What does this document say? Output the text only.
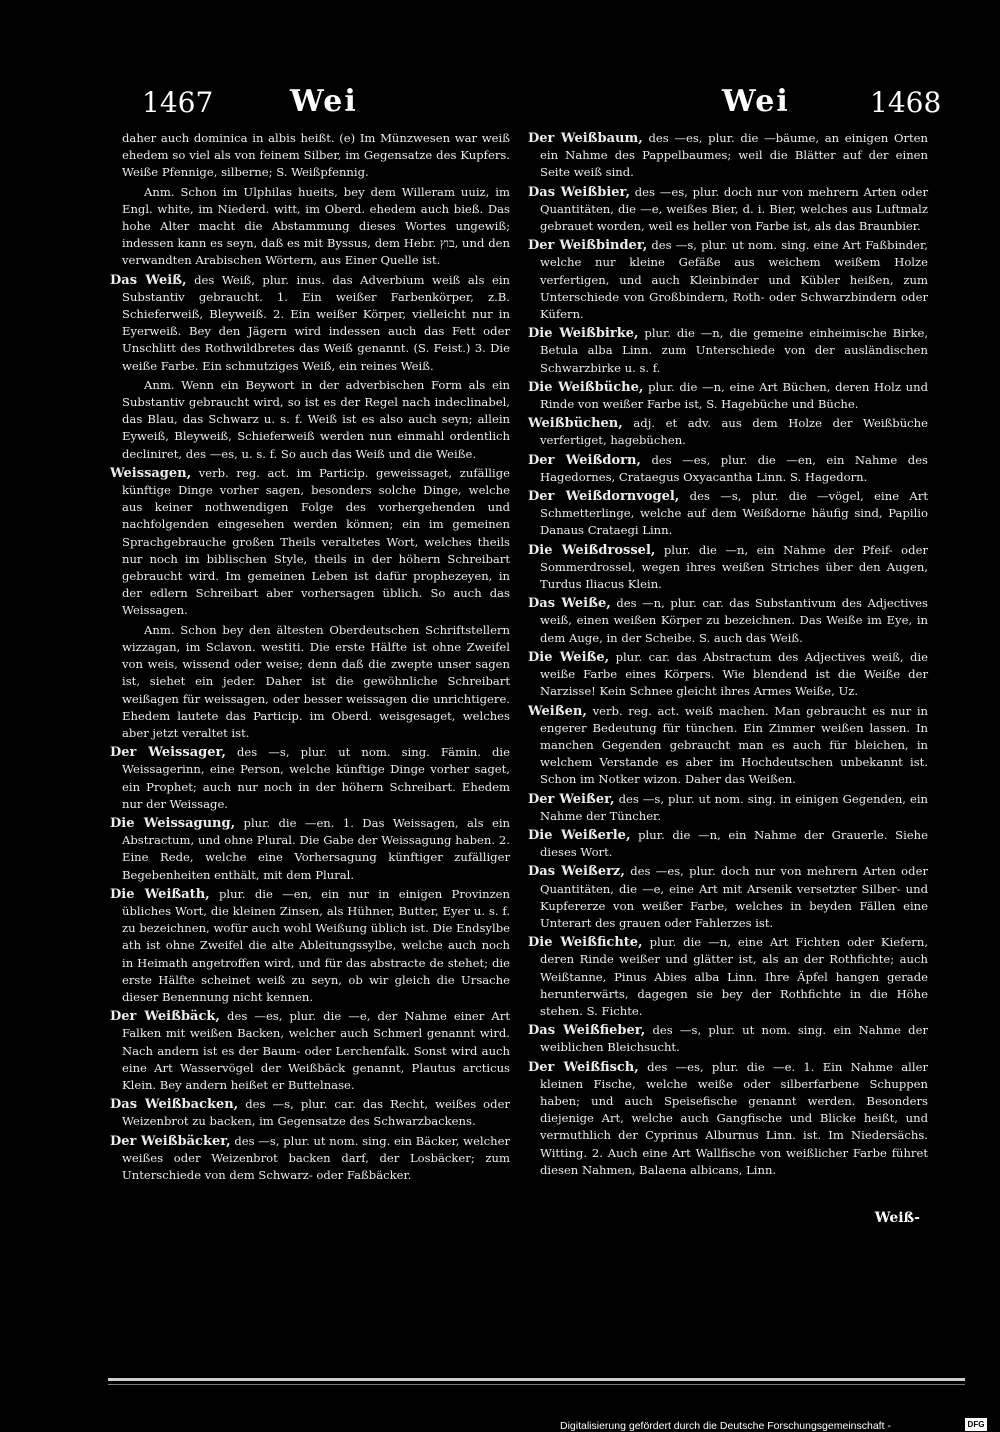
1467	Wei	Wei	1468

daher auch dominica in albis heißt. (e) Im Münzwesen war weiß ehedem so viel als von feinem Silber, im Gegensatze des Kupfers. Weiße Pfennige, silberne; S. Weißpfennig.

Anm. Schon im Ulphilas hueits, bey dem Willeram uuiz, im Engl. white, im Niederd. witt, im Oberd. ehedem auch bieß. Das hohe Alter macht die Abstammung dieses Wortes ungewiß; indessen kann es seyn, daß es mit Byssus, dem Hebr. בוץ, und den verwandten Arabischen Wörtern, aus Einer Quelle ist.

Das Weiß, des Weiß, plur. inus. das Adverbium weiß als ein Substantiv gebraucht. 1. Ein weißer Farbenkörper, z.B. Schieferweiß, Bleyweiß. 2. Ein weißer Körper, vielleicht nur in Eyerweiß. Bey den Jägern wird indessen auch das Fett oder Unschlitt des Rothwildbretes das Weiß genannt. (S. Feist.) 3. Die weiße Farbe. Ein schmutziges Weiß, ein reines Weiß.

Anm. Wenn ein Beywort in der adverbischen Form als ein Substantiv gebraucht wird, so ist es der Regel nach indeclinabel, das Blau, das Schwarz u. s. f. Weiß ist es also auch seyn; allein Eyweiß, Bleyweiß, Schieferweiß werden nun einmahl ordentlich decliniret, des —es, u. s. f. So auch das Weiß und die Weiße.

Weissagen, verb. reg. act. im Particip. geweissaget, zufällige künftige Dinge vorher sagen, besonders solche Dinge, welche aus keiner nothwendigen Folge des vorhergehenden und nachfolgenden eingesehen werden können; ein im gemeinen Sprachgebrauche großen Theils veraltetes Wort, welches theils nur noch im biblischen Style, theils in der höhern Schreibart gebraucht wird. Im gemeinen Leben ist dafür prophezeyen, in der edlern Schreibart aber vorhersagen üblich. So auch das Weissagen.

Anm. Schon bey den ältesten Oberdeutschen Schriftstellern wizzagan, im Sclavon. westiti. Die erste Hälfte ist ohne Zweifel von weis, wissend oder weise; denn daß die zwepte unser sagen ist, siehet ein jeder. Daher ist die gewöhnliche Schreibart weißagen für weissagen, oder besser weissagen die unrichtigere. Ehedem lautete das Particip. im Oberd. weisgesaget, welches aber jetzt veraltet ist.

Der Weissager, des —s, plur. ut nom. sing. Fämin. die Weissagerinn, eine Person, welche künftige Dinge vorher saget, ein Prophet; auch nur noch in der höhern Schreibart. Ehedem nur der Weissage.

Die Weissagung, plur. die —en. 1. Das Weissagen, als ein Abstractum, und ohne Plural. Die Gabe der Weissagung haben. 2. Eine Rede, welche eine Vorhersagung künftiger zufälliger Begebenheiten enthält, mit dem Plural.

Die Weißath, plur. die —en, ein nur in einigen Provinzen übliches Wort, die kleinen Zinsen, als Hühner, Butter, Eyer u. s. f. zu bezeichnen, wofür auch wohl Weißung üblich ist. Die Endsylbe ath ist ohne Zweifel die alte Ableitungssylbe, welche auch noch in Heimath angetroffen wird, und für das abstracte de stehet; die erste Hälfte scheinet weiß zu seyn, ob wir gleich die Ursache dieser Benennung nicht kennen.

Der Weißbäck, des —es, plur. die —e, der Nahme einer Art Falken mit weißen Backen, welcher auch Schmerl genannt wird. Nach andern ist es der Baum- oder Lerchenfalk. Sonst wird auch eine Art Wasservögel der Weißbäck genannt, Plautus arcticus Klein. Bey andern heißet er Buttelnase.

Das Weißbacken, des —s, plur. car. das Recht, weißes oder Weizenbrot zu backen, im Gegensatze des Schwarzbackens.

Der Weißbäcker, des —s, plur. ut nom. sing. ein Bäcker, welcher weißes oder Weizenbrot backen darf, der Losbäcker; zum Unterschiede von dem Schwarz- oder Faßbäcker.

Der Weißbaum, des —es, plur. die —bäume, an einigen Orten ein Nahme des Pappelbaumes; weil die Blätter auf der einen Seite weiß sind.

Das Weißbier, des —es, plur. doch nur von mehrern Arten oder Quantitäten, die —e, weißes Bier, d. i. Bier, welches aus Luftmalz gebrauet worden, weil es heller von Farbe ist, als das Braunbier.

Der Weißbinder, des —s, plur. ut nom. sing. eine Art Faßbinder, welche nur kleine Gefäße aus weichem weißem Holze verfertigen, und auch Kleinbinder und Kübler heißen, zum Unterschiede von Großbindern, Roth- oder Schwarzbindern oder Küfern.

Die Weißbirke, plur. die —n, die gemeine einheimische Birke, Betula alba Linn. zum Unterschiede von der ausländischen Schwarzbirke u. s. f.

Die Weißbüche, plur. die —n, eine Art Büchen, deren Holz und Rinde von weißer Farbe ist, S. Hagebüche und Büche.

Weißbüchen, adj. et adv. aus dem Holze der Weißbüche verfertiget, hagebüchen.

Der Weißdorn, des —es, plur. die —en, ein Nahme des Hagedornes, Crataegus Oxyacantha Linn. S. Hagedorn.

Der Weißdornvogel, des —s, plur. die —vögel, eine Art Schmetterlinge, welche auf dem Weißdorne häufig sind, Papilio Danaus Crataegi Linn.

Die Weißdrossel, plur. die —n, ein Nahme der Pfeif- oder Sommerdrossel, wegen ihres weißen Striches über den Augen, Turdus Iliacus Klein.

Das Weiße, des —n, plur. car. das Substantivum des Adjectives weiß, einen weißen Körper zu bezeichnen. Das Weiße im Eye, in dem Auge, in der Scheibe. S. auch das Weiß.

Die Weiße, plur. car. das Abstractum des Adjectives weiß, die weiße Farbe eines Körpers. Wie blendend ist die Weiße der Narzisse! Kein Schnee gleicht ihres Armes Weiße, Uz.

Weißen, verb. reg. act. weiß machen. Man gebraucht es nur in engerer Bedeutung für tünchen. Ein Zimmer weißen lassen. In manchen Gegenden gebraucht man es auch für bleichen, in welchem Verstande es aber im Hochdeutschen unbekannt ist. Schon im Notker wizon. Daher das Weißen.

Der Weißer, des —s, plur. ut nom. sing. in einigen Gegenden, ein Nahme der Tüncher.

Die Weißerle, plur. die —n, ein Nahme der Grauerle. Siehe dieses Wort.

Das Weißerz, des —es, plur. doch nur von mehrern Arten oder Quantitäten, die —e, eine Art mit Arsenik versetzter Silber- und Kupfererze von weißer Farbe, welches in beyden Fällen eine Unterart des grauen oder Fahlerzes ist.

Die Weißfichte, plur. die —n, eine Art Fichten oder Kiefern, deren Rinde weißer und glätter ist, als an der Rothfichte; auch Weißtanne, Pinus Abies alba Linn. Ihre Äpfel hangen gerade herunterwärts, dagegen sie bey der Rothfichte in die Höhe stehen. S. Fichte.

Das Weißfieber, des —s, plur. ut nom. sing. ein Nahme der weiblichen Bleichsucht.

Der Weißfisch, des —es, plur. die —e. 1. Ein Nahme aller kleinen Fische, welche weiße oder silberfarbene Schuppen haben; und auch Speisefische genannt werden. Besonders diejenige Art, welche auch Gangfische und Blicke heißt, und vermuthlich der Cyprinus Alburnus Linn. ist. Im Niedersächs. Witting. 2. Auch eine Art Wallfische von weißlicher Farbe führet diesen Nahmen, Balaena albicans, Linn.

Weiß-
Digitalisierung gefördert durch die Deutsche Forschungsgemeinschaft -	DFG
